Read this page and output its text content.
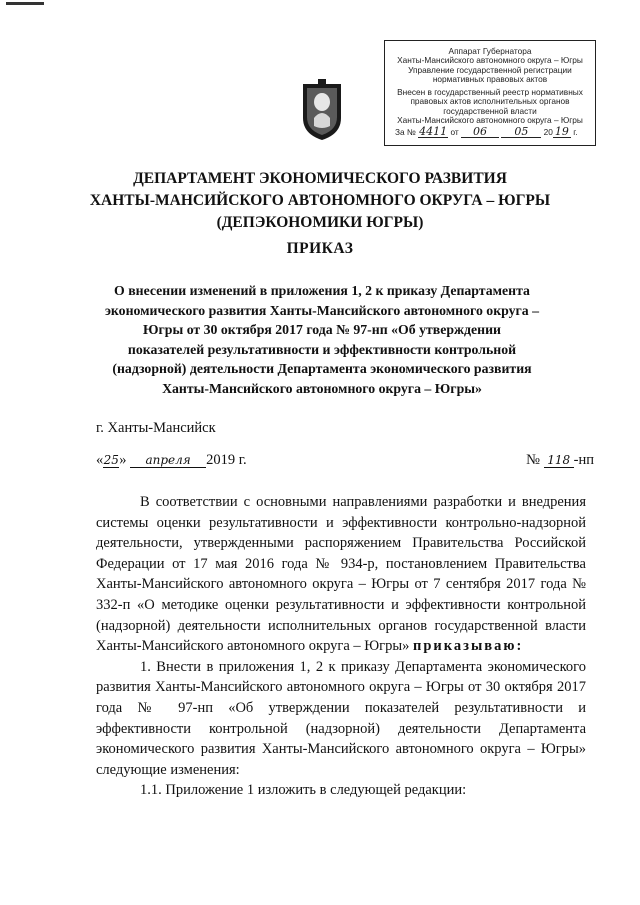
Аппарат Губернатора
Ханты-Мансийского автономного округа – Югры
Управление государственной регистрации
нормативных правовых актов
Внесен в государственный реестр нормативных
правовых актов исполнительных органов
государственной власти
Ханты-Мансийского автономного округа – Югры
За № 4411 от 06 05 20 19 г.
ДЕПАРТАМЕНТ ЭКОНОМИЧЕСКОГО РАЗВИТИЯ
ХАНТЫ-МАНСИЙСКОГО АВТОНОМНОГО ОКРУГА – ЮГРЫ
(ДЕПЭКОНОМИКИ ЮГРЫ)
ПРИКАЗ
О внесении изменений в приложения 1, 2 к приказу Департамента экономического развития Ханты-Мансийского автономного округа – Югры от 30 октября 2017 года № 97-нп «Об утверждении показателей результативности и эффективности контрольной (надзорной) деятельности Департамента экономического развития Ханты-Мансийского автономного округа – Югры»
г. Ханты-Мансийск
«25» апреля 2019 г.	№ 118 -нп

В соответствии с основными направлениями разработки и внедрения системы оценки результативности и эффективности контрольно-надзорной деятельности, утвержденными распоряжением Правительства Российской Федерации от 17 мая 2016 года № 934-р, постановлением Правительства Ханты-Мансийского автономного округа – Югры от 7 сентября 2017 года № 332-п «О методике оценки результативности и эффективности контрольной (надзорной) деятельности исполнительных органов государственной власти Ханты-Мансийского автономного округа – Югры» приказываю:

1. Внести в приложения 1, 2 к приказу Департамента экономического развития Ханты-Мансийского автономного округа – Югры от 30 октября 2017 года № 97-нп «Об утверждении показателей результативности и эффективности контрольной (надзорной) деятельности Департамента экономического развития Ханты-Мансийского автономного округа – Югры» следующие изменения:

1.1. Приложение 1 изложить в следующей редакции:
